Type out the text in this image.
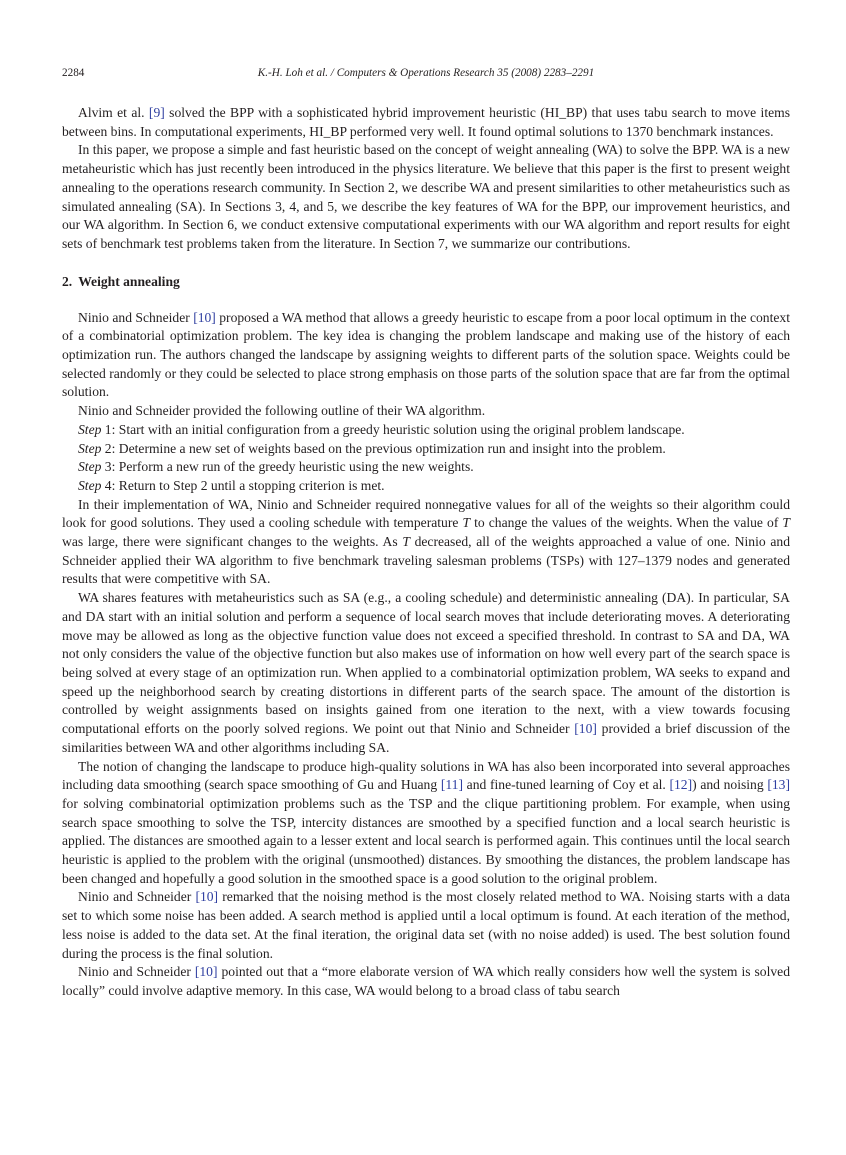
2284	K.-H. Loh et al. / Computers & Operations Research 35 (2008) 2283–2291

Alvim et al. [9] solved the BPP with a sophisticated hybrid improvement heuristic (HI_BP) that uses tabu search to move items between bins. In computational experiments, HI_BP performed very well. It found optimal solutions to 1370 benchmark instances.

In this paper, we propose a simple and fast heuristic based on the concept of weight annealing (WA) to solve the BPP. WA is a new metaheuristic which has just recently been introduced in the physics literature. We believe that this paper is the first to present weight annealing to the operations research community. In Section 2, we describe WA and present similarities to other metaheuristics such as simulated annealing (SA). In Sections 3, 4, and 5, we describe the key features of WA for the BPP, our improvement heuristics, and our WA algorithm. In Section 6, we conduct extensive computational experiments with our WA algorithm and report results for eight sets of benchmark test problems taken from the literature. In Section 7, we summarize our contributions.

2. Weight annealing

Ninio and Schneider [10] proposed a WA method that allows a greedy heuristic to escape from a poor local optimum in the context of a combinatorial optimization problem. The key idea is changing the problem landscape and making use of the history of each optimization run. The authors changed the landscape by assigning weights to different parts of the solution space. Weights could be selected randomly or they could be selected to place strong emphasis on those parts of the solution space that are far from the optimal solution.

Ninio and Schneider provided the following outline of their WA algorithm.

Step 1: Start with an initial configuration from a greedy heuristic solution using the original problem landscape.

Step 2: Determine a new set of weights based on the previous optimization run and insight into the problem.

Step 3: Perform a new run of the greedy heuristic using the new weights.

Step 4: Return to Step 2 until a stopping criterion is met.

In their implementation of WA, Ninio and Schneider required nonnegative values for all of the weights so their algorithm could look for good solutions. They used a cooling schedule with temperature T to change the values of the weights. When the value of T was large, there were significant changes to the weights. As T decreased, all of the weights approached a value of one. Ninio and Schneider applied their WA algorithm to five benchmark traveling salesman problems (TSPs) with 127–1379 nodes and generated results that were competitive with SA.

WA shares features with metaheuristics such as SA (e.g., a cooling schedule) and deterministic annealing (DA). In particular, SA and DA start with an initial solution and perform a sequence of local search moves that include deteriorating moves. A deteriorating move may be allowed as long as the objective function value does not exceed a specified threshold. In contrast to SA and DA, WA not only considers the value of the objective function but also makes use of information on how well every part of the search space is being solved at every stage of an optimization run. When applied to a combinatorial optimization problem, WA seeks to expand and speed up the neighborhood search by creating distortions in different parts of the search space. The amount of the distortion is controlled by weight assignments based on insights gained from one iteration to the next, with a view towards focusing computational efforts on the poorly solved regions. We point out that Ninio and Schneider [10] provided a brief discussion of the similarities between WA and other algorithms including SA.

The notion of changing the landscape to produce high-quality solutions in WA has also been incorporated into several approaches including data smoothing (search space smoothing of Gu and Huang [11] and fine-tuned learning of Coy et al. [12]) and noising [13] for solving combinatorial optimization problems such as the TSP and the clique partitioning problem. For example, when using search space smoothing to solve the TSP, intercity distances are smoothed by a specified function and a local search heuristic is applied. The distances are smoothed again to a lesser extent and local search is performed again. This continues until the local search heuristic is applied to the problem with the original (unsmoothed) distances. By smoothing the distances, the problem landscape has been changed and hopefully a good solution in the smoothed space is a good solution to the original problem.

Ninio and Schneider [10] remarked that the noising method is the most closely related method to WA. Noising starts with a data set to which some noise has been added. A search method is applied until a local optimum is found. At each iteration of the method, less noise is added to the data set. At the final iteration, the original data set (with no noise added) is used. The best solution found during the process is the final solution.

Ninio and Schneider [10] pointed out that a “more elaborate version of WA which really considers how well the system is solved locally” could involve adaptive memory. In this case, WA would belong to a broad class of tabu search
